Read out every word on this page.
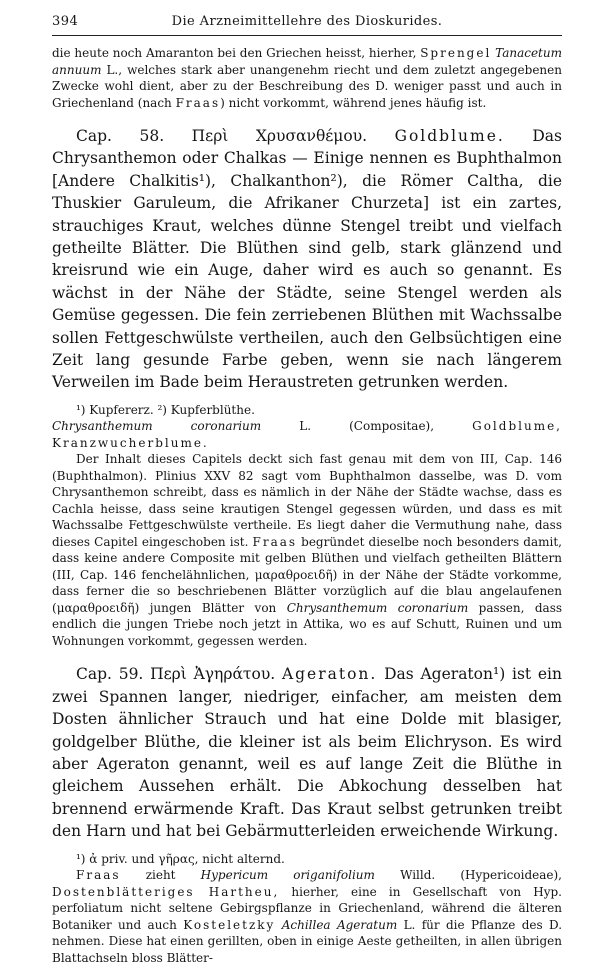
394	Die Arzneimittellehre des Dioskurides.

die heute noch Amaranton bei den Griechen heisst, hierher, Sprengel Tanacetum annuum L., welches stark aber unangenehm riecht und dem zuletzt angegebenen Zwecke wohl dient, aber zu der Beschreibung des D. weniger passt und auch in Griechenland (nach Fraas) nicht vorkommt, während jenes häufig ist.

Cap. 58. Περὶ Χρυσανθέμου. Goldblume. Das Chrysanthemon oder Chalkas — Einige nennen es Buphthalmon [Andere Chalkitis¹), Chalkanthon²), die Römer Caltha, die Thuskier Garuleum, die Afrikaner Churzeta] ist ein zartes, strauchiges Kraut, welches dünne Stengel treibt und vielfach getheilte Blätter. Die Blüthen sind gelb, stark glänzend und kreisrund wie ein Auge, daher wird es auch so genannt. Es wächst in der Nähe der Städte, seine Stengel werden als Gemüse gegessen. Die fein zerriebenen Blüthen mit Wachssalbe sollen Fettgeschwülste vertheilen, auch den Gelbsüchtigen eine Zeit lang gesunde Farbe geben, wenn sie nach längerem Verweilen im Bade beim Heraustreten getrunken werden.

¹) Kupfererz. ²) Kupferblüthe.

Chrysanthemum coronarium L. (Compositae), Goldblume, Kranzwucherblume.

Der Inhalt dieses Capitels deckt sich fast genau mit dem von III, Cap. 146 (Buphthalmon). Plinius XXV 82 sagt vom Buphthalmon dasselbe, was D. vom Chrysanthemon schreibt, dass es nämlich in der Nähe der Städte wachse, dass es Cachla heisse, dass seine krautigen Stengel gegessen würden, und dass es mit Wachssalbe Fettgeschwülste vertheile. Es liegt daher die Vermuthung nahe, dass dieses Capitel eingeschoben ist. Fraas begründet dieselbe noch besonders damit, dass keine andere Composite mit gelben Blüthen und vielfach getheilten Blättern (III, Cap. 146 fenchelähnlichen, μαραθροειδῆ) in der Nähe der Städte vorkomme, dass ferner die so beschriebenen Blätter vorzüglich auf die blau angelaufenen (μαραθροειδῆ) jungen Blätter von Chrysanthemum coronarium passen, dass endlich die jungen Triebe noch jetzt in Attika, wo es auf Schutt, Ruinen und um Wohnungen vorkommt, gegessen werden.

Cap. 59. Περὶ Ἀγηράτου. Ageraton. Das Ageraton¹) ist ein zwei Spannen langer, niedriger, einfacher, am meisten dem Dosten ähnlicher Strauch und hat eine Dolde mit blasiger, goldgelber Blüthe, die kleiner ist als beim Elichryson. Es wird aber Ageraton genannt, weil es auf lange Zeit die Blüthe in gleichem Aussehen erhält. Die Abkochung desselben hat brennend erwärmende Kraft. Das Kraut selbst getrunken treibt den Harn und hat bei Gebärmutterleiden erweichende Wirkung.

¹) ἀ priv. und γῆρας, nicht alternd.

Fraas zieht Hypericum origanifolium Willd. (Hypericoideae), Dostenblätteriges Hartheu, hierher, eine in Gesellschaft von Hyp. perfoliatum nicht seltene Gebirgspflanze in Griechenland, während die älteren Botaniker und auch Kosteletzky Achillea Ageratum L. für die Pflanze des D. nehmen. Diese hat einen gerillten, oben in einige Aeste getheilten, in allen übrigen Blattachseln bloss Blätter-
